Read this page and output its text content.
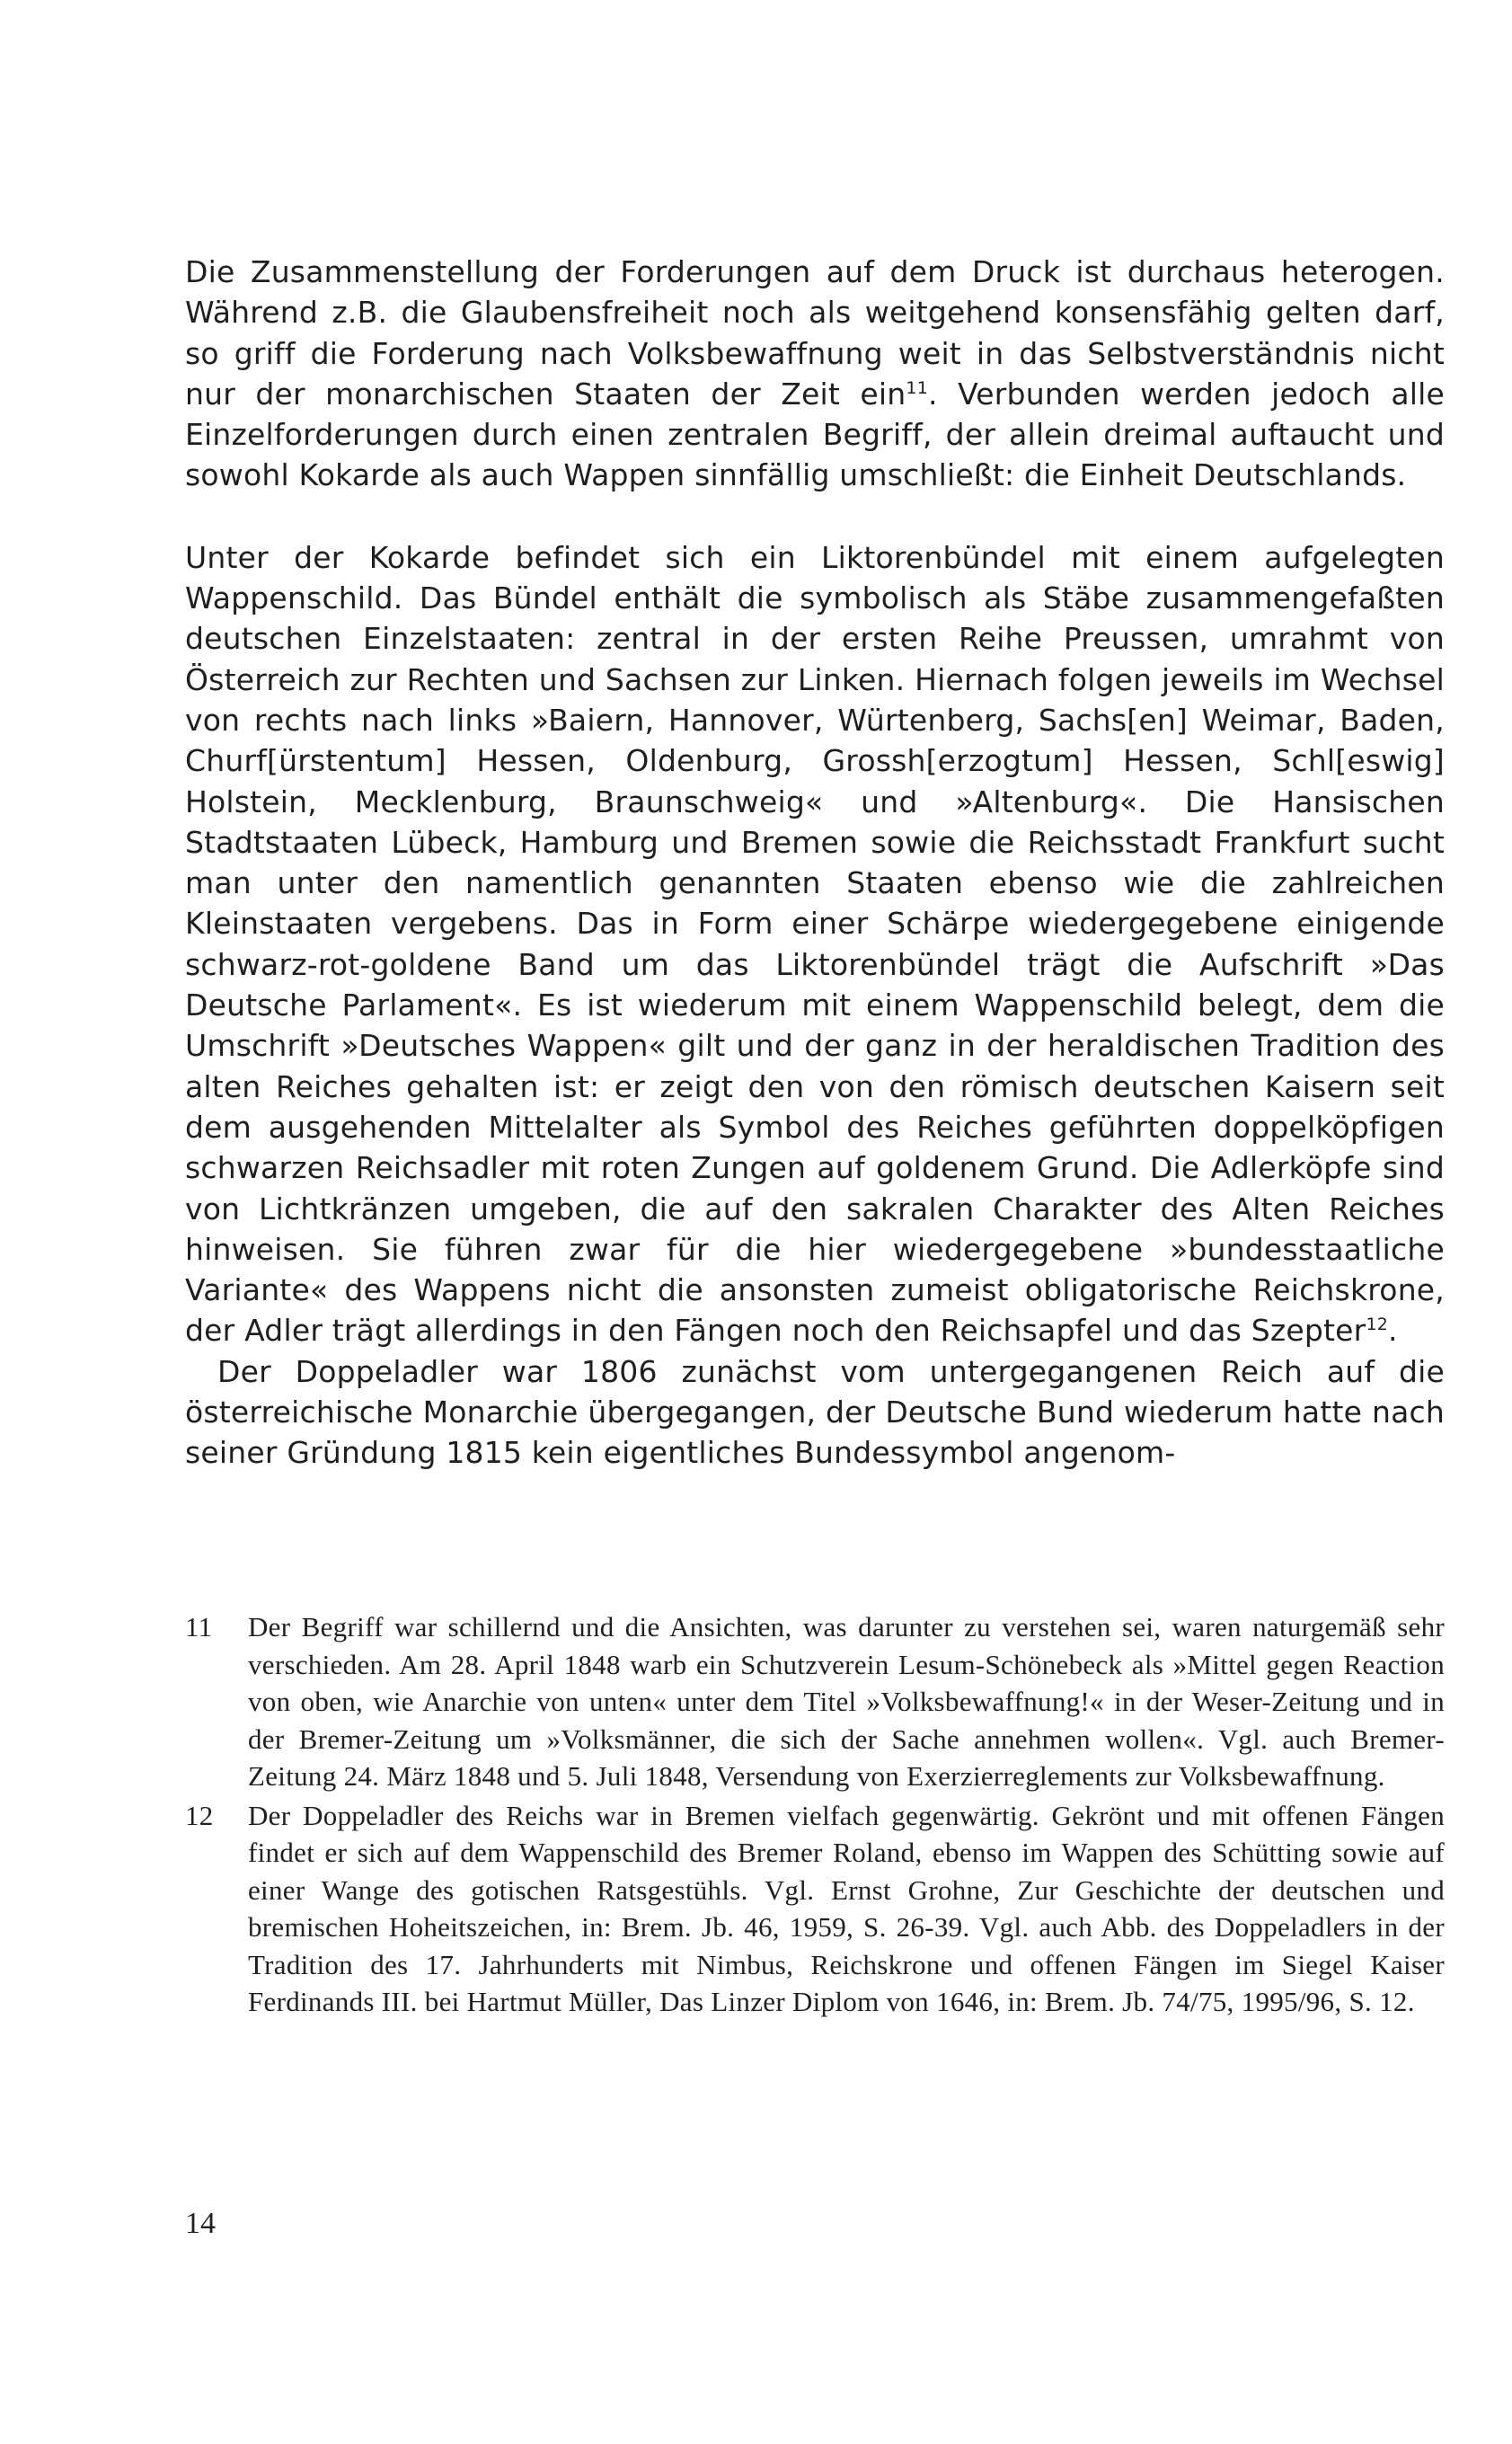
Die Zusammenstellung der Forderungen auf dem Druck ist durchaus heterogen. Während z.B. die Glaubensfreiheit noch als weitgehend konsensfähig gelten darf, so griff die Forderung nach Volksbewaffnung weit in das Selbstverständnis nicht nur der monarchischen Staaten der Zeit ein$^{11}$. Verbunden werden jedoch alle Einzelforderungen durch einen zentralen Begriff, der allein dreimal auftaucht und sowohl Kokarde als auch Wappen sinnfällig umschließt: die Einheit Deutschlands.

Unter der Kokarde befindet sich ein Liktorenbündel mit einem aufgelegten Wappenschild. Das Bündel enthält die symbolisch als Stäbe zusammengefaßten deutschen Einzelstaaten: zentral in der ersten Reihe Preussen, umrahmt von Österreich zur Rechten und Sachsen zur Linken. Hiernach folgen jeweils im Wechsel von rechts nach links »Baiern, Hannover, Würtenberg, Sachs[en] Weimar, Baden, Churf[ürstentum] Hessen, Oldenburg, Grossh[erzogtum] Hessen, Schl[eswig] Holstein, Mecklenburg, Braunschweig« und »Altenburg«. Die Hansischen Stadtstaaten Lübeck, Hamburg und Bremen sowie die Reichsstadt Frankfurt sucht man unter den namentlich genannten Staaten ebenso wie die zahlreichen Kleinstaaten vergebens. Das in Form einer Schärpe wiedergegebene einigende schwarz-rot-goldene Band um das Liktorenbündel trägt die Aufschrift »Das Deutsche Parlament«. Es ist wiederum mit einem Wappenschild belegt, dem die Umschrift »Deutsches Wappen« gilt und der ganz in der heraldischen Tradition des alten Reiches gehalten ist: er zeigt den von den römisch deutschen Kaisern seit dem ausgehenden Mittelalter als Symbol des Reiches geführten doppelköpfigen schwarzen Reichsadler mit roten Zungen auf goldenem Grund. Die Adlerköpfe sind von Lichtkränzen umgeben, die auf den sakralen Charakter des Alten Reiches hinweisen. Sie führen zwar für die hier wiedergegebene »bundesstaatliche Variante« des Wappens nicht die ansonsten zumeist obligatorische Reichskrone, der Adler trägt allerdings in den Fängen noch den Reichsapfel und das Szepter$^{12}$.

Der Doppeladler war 1806 zunächst vom untergegangenen Reich auf die österreichische Monarchie übergegangen, der Deutsche Bund wiederum hatte nach seiner Gründung 1815 kein eigentliches Bundessymbol angenom-

11 Der Begriff war schillernd und die Ansichten, was darunter zu verstehen sei, waren naturgemäß sehr verschieden. Am 28. April 1848 warb ein Schutzverein Lesum-Schönebeck als »Mittel gegen Reaction von oben, wie Anarchie von unten« unter dem Titel »Volksbewaffnung!« in der Weser-Zeitung und in der Bremer-Zeitung um »Volksmänner, die sich der Sache annehmen wollen«. Vgl. auch Bremer-Zeitung 24. März 1848 und 5. Juli 1848, Versendung von Exerzierreglements zur Volksbewaffnung.

12 Der Doppeladler des Reichs war in Bremen vielfach gegenwärtig. Gekrönt und mit offenen Fängen findet er sich auf dem Wappenschild des Bremer Roland, ebenso im Wappen des Schütting sowie auf einer Wange des gotischen Ratsgestühls. Vgl. Ernst Grohne, Zur Geschichte der deutschen und bremischen Hoheitszeichen, in: Brem. Jb. 46, 1959, S. 26-39. Vgl. auch Abb. des Doppeladlers in der Tradition des 17. Jahrhunderts mit Nimbus, Reichskrone und offenen Fängen im Siegel Kaiser Ferdinands III. bei Hartmut Müller, Das Linzer Diplom von 1646, in: Brem. Jb. 74/75, 1995/96, S. 12.

14
